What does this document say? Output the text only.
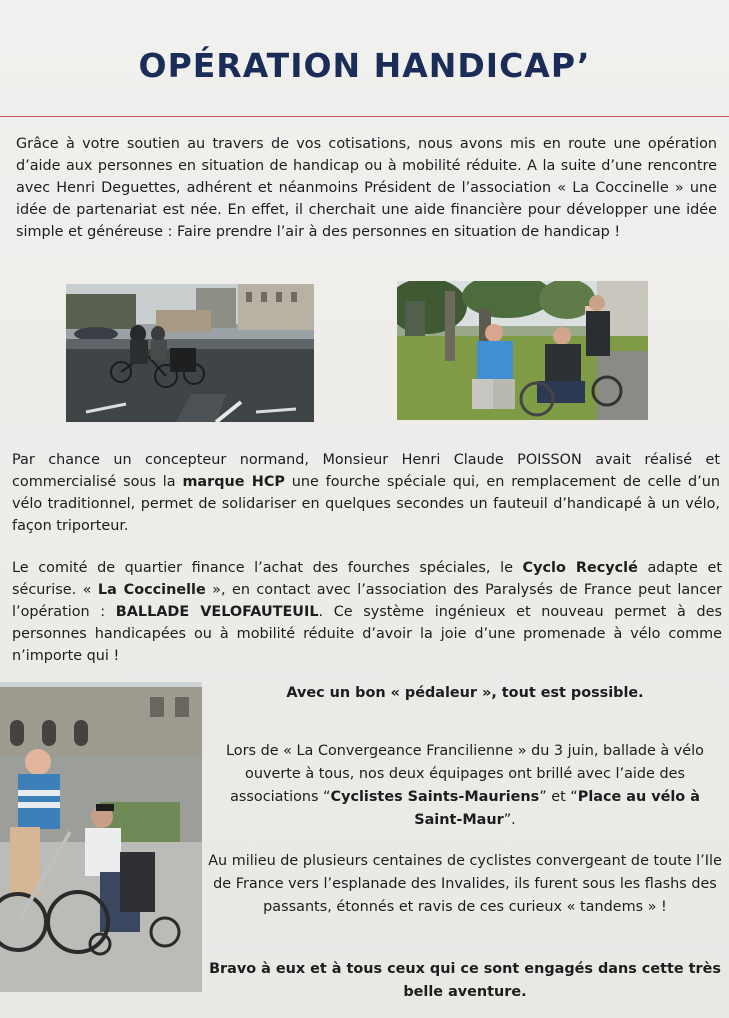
OPÉRATION HANDICAP’

Grâce à votre soutien au travers de vos cotisations, nous avons mis en route une opération d’aide aux personnes en situation de handicap ou à mobilité réduite. A la suite d’une rencontre avec Henri Deguettes, adhérent et néanmoins Président de l’association « La Coccinelle » une idée de partenariat est née. En effet, il cherchait une aide financière pour développer une idée simple et généreuse : Faire prendre l’air à des personnes en situation de handicap !

Par chance un concepteur normand, Monsieur Henri Claude POISSON avait réalisé et commercialisé sous la marque HCP une fourche spéciale qui, en remplacement de celle d’un vélo traditionnel, permet de solidariser en quelques secondes un fauteuil d’handicapé à un vélo, façon triporteur.

Le comité de quartier finance l’achat des fourches spéciales, le Cyclo Recyclé adapte et sécurise. « La Coccinelle », en contact avec l’association des Paralysés de France peut lancer l’opération : BALLADE VELOFAUTEUIL. Ce système ingénieux et nouveau permet à des personnes handicapées ou à mobilité réduite d’avoir la joie d’une promenade à vélo comme n’importe qui !

Avec un bon « pédaleur », tout est possible.

Lors de « La Convergeance Francilienne » du 3 juin, ballade à vélo ouverte à tous, nos deux équipages ont brillé avec l’aide des associations “Cyclistes Saints-Mauriens” et “Place au vélo à Saint-Maur”.

Au milieu de plusieurs centaines de cyclistes convergeant de toute l’Ile de France vers l’esplanade des Invalides, ils furent sous les flashs des passants, étonnés et ravis de ces curieux « tandems » !

Bravo à eux et à tous ceux qui ce sont engagés dans cette très belle aventure.
